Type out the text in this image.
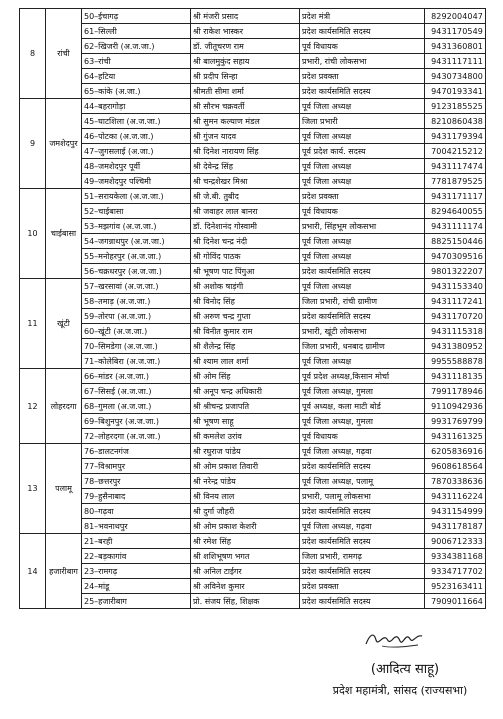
8	रांची	50–ईचागढ़	श्री मंजरी प्रसाद	प्रदेश मंत्री	8292004047
		61–सिल्ली	श्री राकेश भास्कर	प्रदेश कार्यसमिति सदस्य	9431170549
		62–खिजरी (अ.ज.जा.)	डॉ. जीतूचरण राम	पूर्व विधायक	9431360801
		63–रांची	श्री बालमुकुंद सहाय	प्रभारी, रांची लोकसभा	9431117111
		64–हटिया	श्री प्रदीप सिन्हा	प्रदेश प्रवक्ता	9430734800
		65–कांके (अ.जा.)	श्रीमती सीमा शर्मा	प्रदेश कार्यसमिति सदस्य	9470193341
9	जमशेदपुर	44–बहरागोड़ा	श्री सौरभ चक्रवर्ती	पूर्व जिला अध्यक्ष	9123185525
		45–घाटशिला (अ.ज.जा.)	श्री सुमन कल्याण मंडल	जिला प्रभारी	8210860438
		46–पोटका (अ.ज.जा.)	श्री गुंजन यादव	पूर्व जिला अध्यक्ष	9431179394
		47–जुगसलाई (अ.जा.)	श्री दिनेश नारायण सिंह	पूर्व प्रदेश कार्य. सदस्य	7004215212
		48–जमशेदपुर पूर्वी	श्री देवेन्द्र सिंह	पूर्व जिला अध्यक्ष	9431117474
		49–जमशेदपुर पश्चिमी	श्री चन्द्रशेखर मिश्रा	पूर्व जिला अध्यक्ष	7781879525
10	चाईबासा	51–सरायकेला (अ.ज.जा.)	श्री जे.बी. तुबीद	प्रदेश प्रवक्ता	9431171117
		52–चाईबासा	श्री जवाहर लाल बानरा	पूर्व विधायक	8294640055
		53–मझगांव (अ.ज.जा.)	डॉ. दिनेशानंद गोस्वामी	प्रभारी, सिंहभूम लोकसभा	9431111174
		54–जगन्नाथपुर (अ.ज.जा.)	श्री दिनेश चन्द्र नंदी	पूर्व जिला अध्यक्ष	8825150446
		55–मनोहरपुर (अ.ज.जा.)	श्री गोविंद पाठक	पूर्व जिला अध्यक्ष	9470309516
		56–चक्रधरपुर (अ.ज.जा.)	श्री भूषण पाट पिंगुआ	प्रदेश कार्यसमिति सदस्य	9801322207
11	खूंटी	57–खरसावां (अ.ज.जा.)	श्री अशोक षाड़ंगी	पूर्व जिला अध्यक्ष	9431153340
		58–तमाड़ (अ.ज.जा.)	श्री विनोद सिंह	जिला प्रभारी, रांची ग्रामीण	9431117241
		59–तोरपा (अ.ज.जा.)	श्री अरुण चन्द्र गुप्ता	प्रदेश कार्यसमिति सदस्य	9431170720
		60–खूंटी (अ.ज.जा.)	श्री विनीत कुमार राम	प्रभारी, खूंटी लोकसभा	9431115318
		70–सिमडेगा (अ.ज.जा.)	श्री शैलेन्द्र सिंह	जिला प्रभारी, धनबाद ग्रामीण	9431380952
		71–कोलेबिरा (अ.ज.जा.)	श्री श्याम लाल शर्मा	पूर्व जिला अध्यक्ष	9955588878
12	लोहरदगा	66–मांडर (अ.ज.जा.)	श्री ओम सिंह	पूर्व प्रदेश अध्यक्ष,किसान मोर्चा	9431118135
		67–सिसई (अ.ज.जा.)	श्री अनूप चन्द्र अधिकारी	पूर्व जिला अध्यक्ष, गुमला	7991178946
		68–गुमला (अ.ज.जा.)	श्री श्रीचन्द्र प्रजापति	पूर्व अध्यक्ष, कला माटी बोर्ड	9110942936
		69–बिशुनपुर (अ.ज.जा.)	श्री भूषण साहू	पूर्व जिला अध्यक्ष, गुमला	9931769799
		72–लोहरदगा (अ.ज.जा.)	श्री कमलेश उरांव	पूर्व विधायक	9431161325
13	पलामू	76–डालटनगंज	श्री रघुराज पांडेय	पूर्व जिला अध्यक्ष, गढ़वा	6205836916
		77–विश्रामपुर	श्री ओम प्रकाश तिवारी	प्रदेश कार्यसमिति सदस्य	9608618564
		78–छत्तरपुर	श्री नरेन्द्र पांडेय	पूर्व जिला अध्यक्ष, पलामू	7870338636
		79–हुसैनाबाद	श्री विनय लाल	प्रभारी, पलामू लोकसभा	9431116224
		80–गढ़वा	श्री दुर्गा जौहरी	प्रदेश कार्यसमिति सदस्य	9431154999
		81–भवनाथपुर	श्री ओम प्रकाश केशरी	पूर्व जिला अध्यक्ष, गढ़वा	9431178187
14	हजारीबाग	21–बरही	श्री रमेश सिंह	प्रदेश कार्यसमिति सदस्य	9006712333
		22–बड़कागांव	श्री शशिभूषण भगत	जिला प्रभारी, रामगढ़	9334381168
		23–रामगढ़	श्री अनिल टाईगर	प्रदेश कार्यसमिति सदस्य	9334717702
		24–मांडू	श्री अविनेश कुमार	प्रदेश प्रवक्ता	9523163411
		25–हजारीबाग	प्रो. संजय सिंह, शिक्षक	प्रदेश कार्यसमिति सदस्य	7909011664
(आदित्य साहू)
प्रदेश महामंत्री, सांसद (राज्यसभा)
